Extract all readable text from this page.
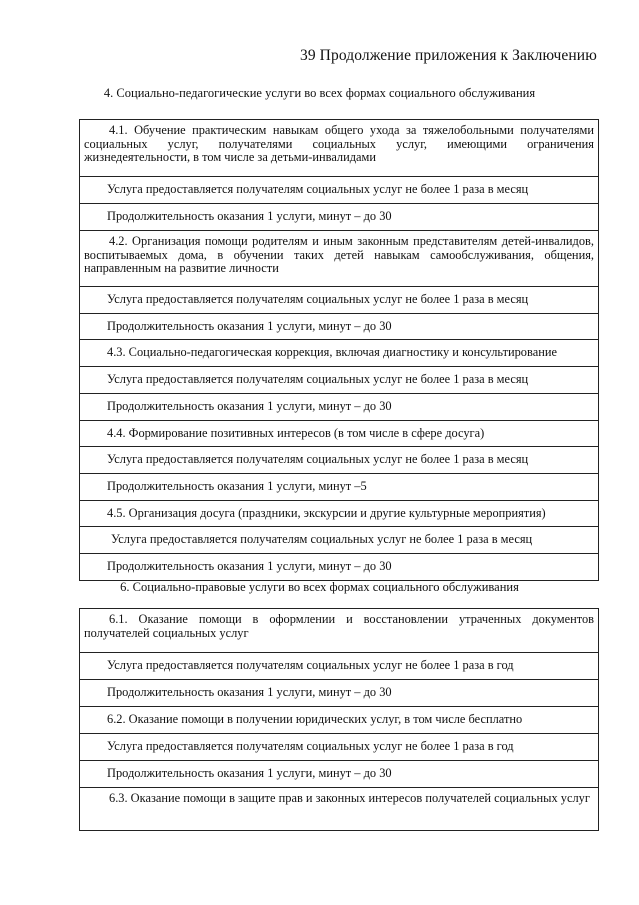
39 Продолжение приложения к Заключению
4. Социально-педагогические услуги во всех формах социального обслуживания
4.1. Обучение практическим навыкам общего ухода за тяжелобольными получателями социальных услуг, получателями социальных услуг, имеющими ограничения жизнедеятельности, в том числе за детьми-инвалидами
Услуга предоставляется получателям социальных услуг не более 1 раза в месяц
Продолжительность оказания 1 услуги, минут – до 30
4.2. Организация помощи родителям и иным законным представителям детей-инвалидов, воспитываемых дома, в обучении таких детей навыкам самообслуживания, общения, направленным на развитие личности
Услуга предоставляется получателям социальных услуг не более 1 раза в месяц
Продолжительность оказания 1 услуги, минут – до 30
4.3. Социально-педагогическая коррекция, включая диагностику и консультирование
Услуга предоставляется получателям социальных услуг не более 1 раза в месяц
Продолжительность оказания 1 услуги, минут – до 30
4.4. Формирование позитивных интересов (в том числе в сфере досуга)
Услуга предоставляется получателям социальных услуг не более 1 раза в месяц
Продолжительность оказания 1 услуги, минут –5
4.5. Организация досуга (праздники, экскурсии и другие культурные мероприятия)
Услуга предоставляется получателям социальных услуг не более 1 раза в месяц
Продолжительность оказания 1 услуги, минут – до 30
6. Социально-правовые услуги во всех формах социального обслуживания
6.1. Оказание помощи в оформлении и восстановлении утраченных документов получателей социальных услуг
Услуга предоставляется получателям социальных услуг не более 1 раза в год
Продолжительность оказания 1 услуги, минут – до 30
6.2. Оказание помощи в получении юридических услуг, в том числе бесплатно
Услуга предоставляется получателям социальных услуг не более 1 раза в год
Продолжительность оказания 1 услуги, минут – до 30
6.3. Оказание помощи в защите прав и законных интересов получателей социальных услуг
